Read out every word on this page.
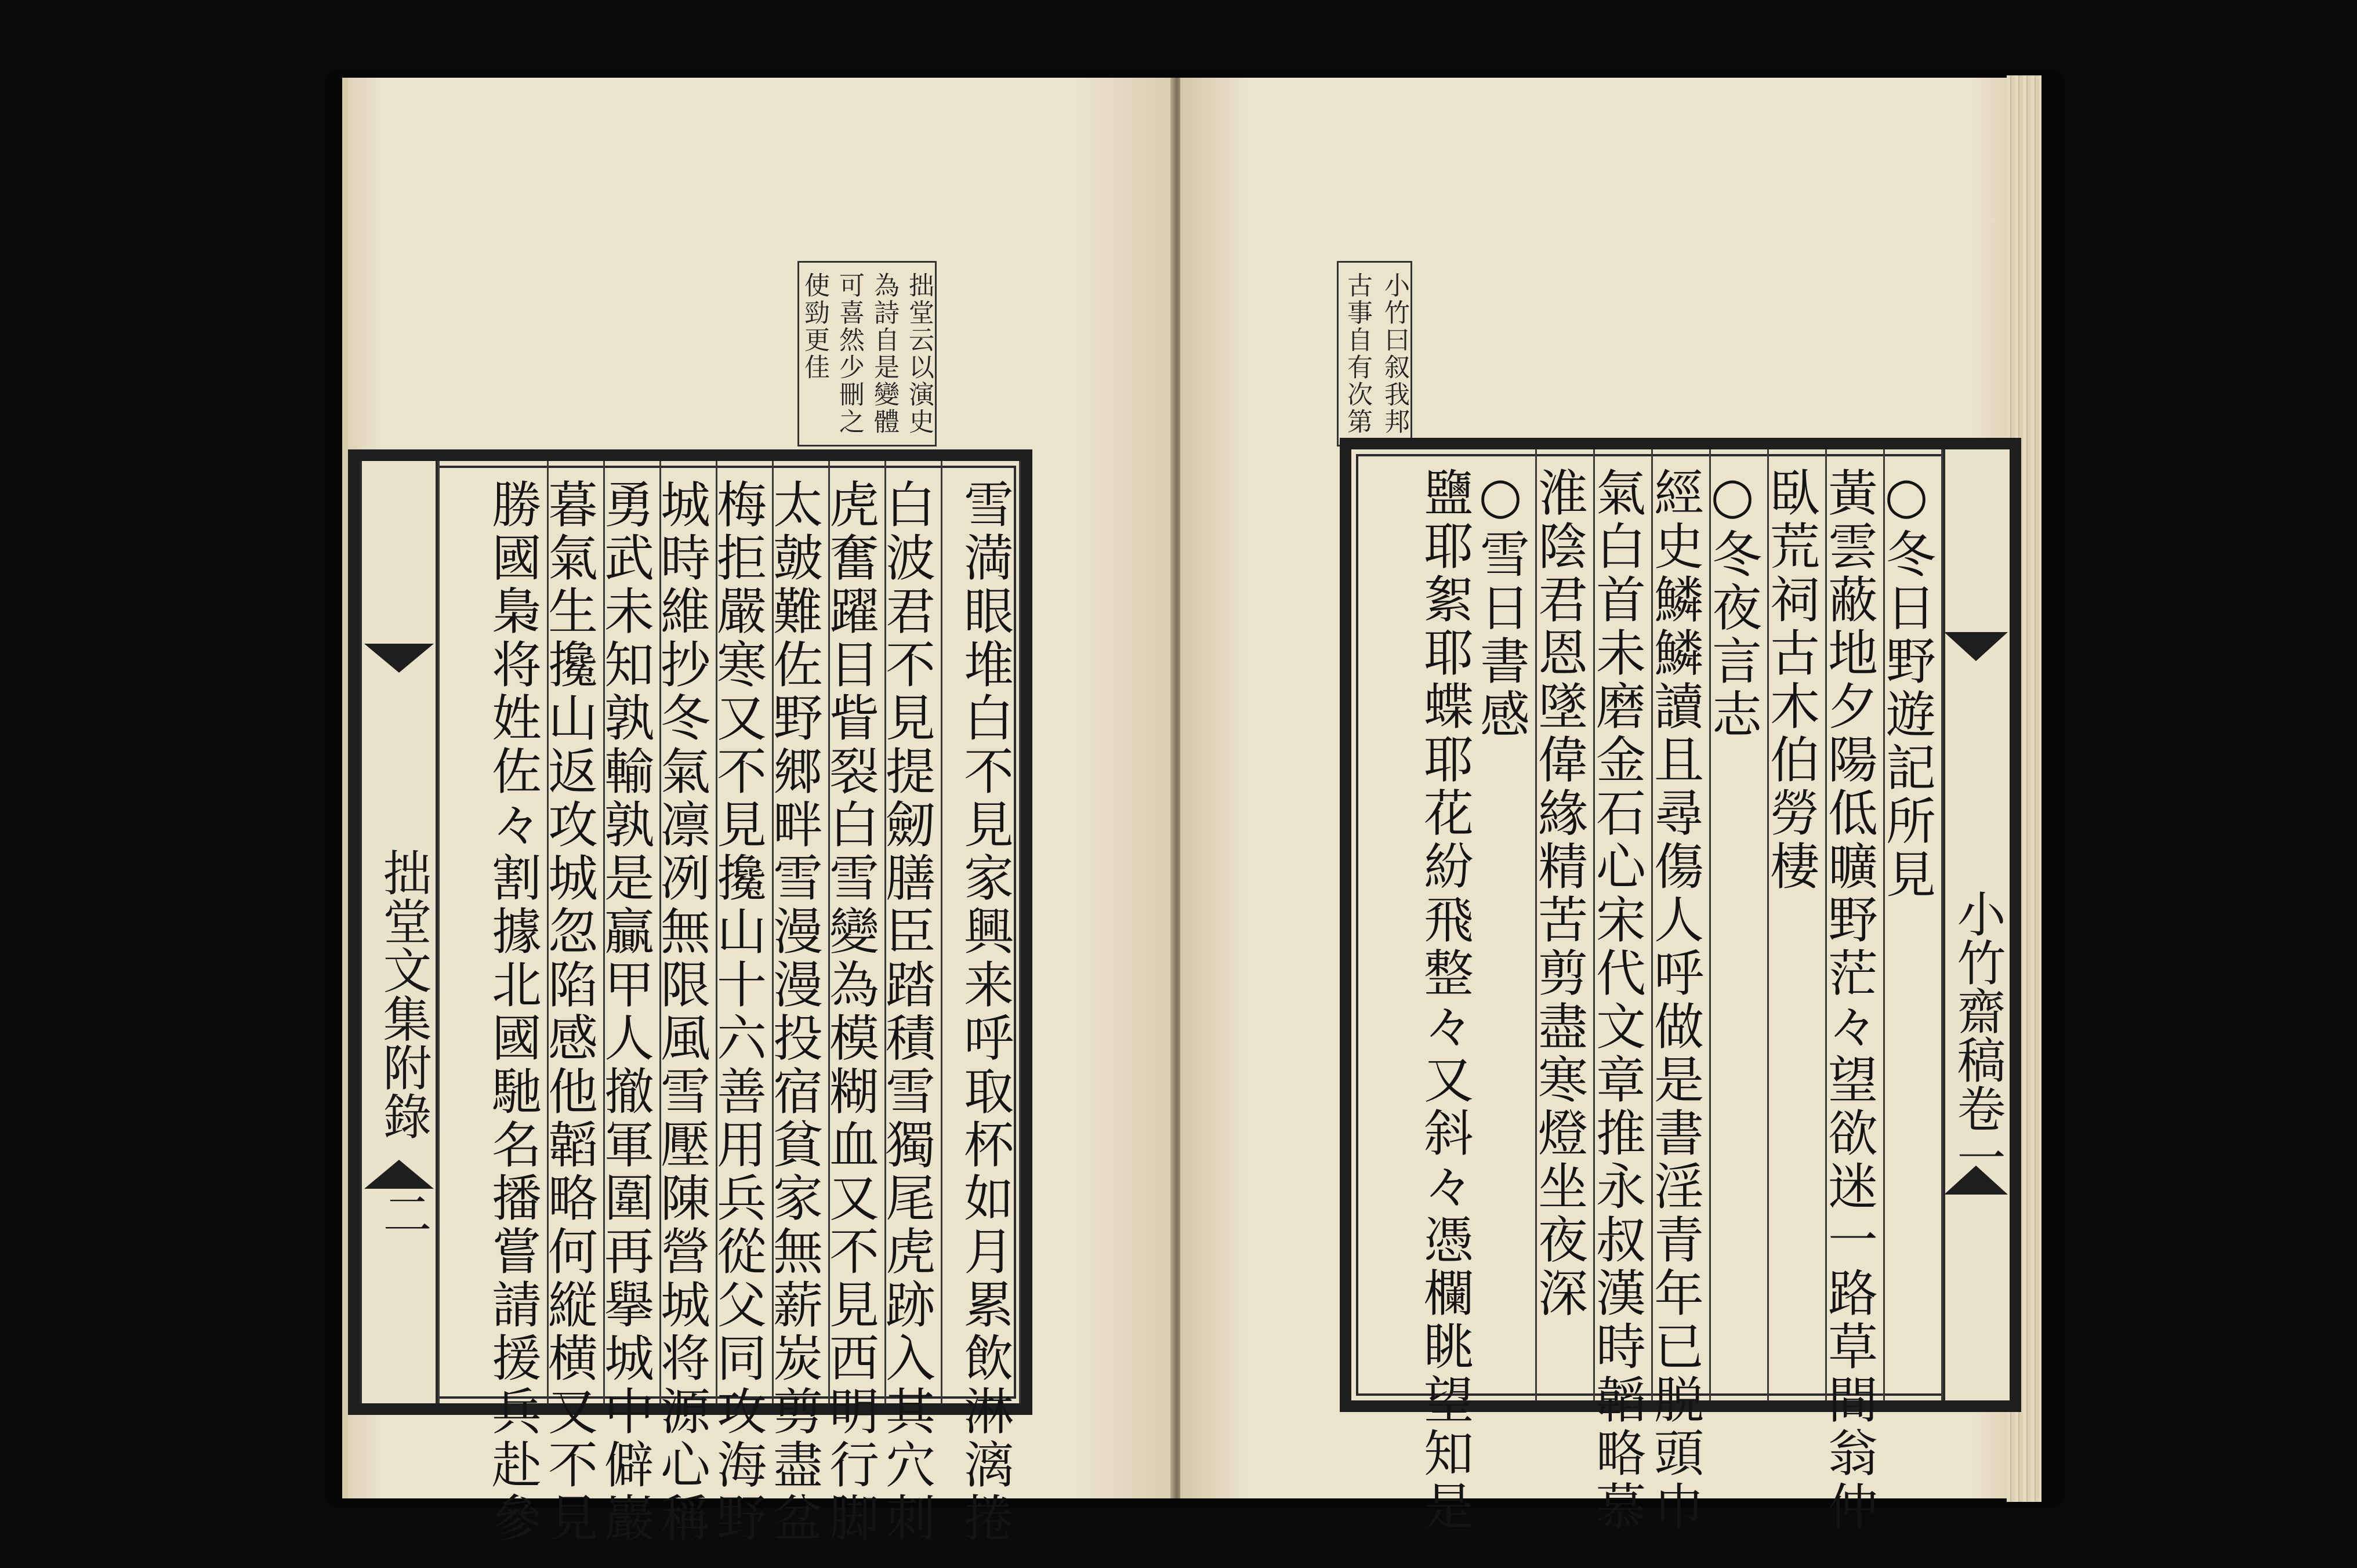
拙堂云以演史
為詩自是變體
可喜然少刪之
使勁更佳
拙堂文集附錄　二	雪満眼堆白不見家興来呼取杯如月累飲淋漓捲
白波君不見提劒膳臣踏積雪獨尾虎跡入其穴刺
虎奮躍目眥裂白雪變為模糊血又不見西明行脚
太皷難佐野郷畔雪漫漫投宿貧家無薪炭剪盡盆
梅拒嚴寒又不見攙山十六善用兵從父同攻海野
城時維抄冬氣凛冽無限風雪壓陳營城将源心稱
勇武未知孰輸孰是贏甲人撤軍圍再擧城中僻巖
暮氣生攙山返攻城忽陷感他韜略何縦横又不見
勝國梟将姓佐々割據北國馳名播嘗請援兵赴參
小竹曰叙我邦
古事自有次第
小竹齋稿卷一
○冬日野遊記所見
黃雲蔽地夕陽低曠野茫々望欲迷一路草間翁仲
臥荒祠古木伯勞棲
○冬夜言志
經史鱗鱗讀且尋傷人呼做是書淫青年已脱頭巾
氣白首未磨金石心宋代文章推永叔漢時韜略慕
淮陰君恩墜偉緣精苦剪盡寒燈坐夜深
○雪日書感
鹽耶絮耶蝶耶花紛飛整々又斜々憑欄眺望知是
